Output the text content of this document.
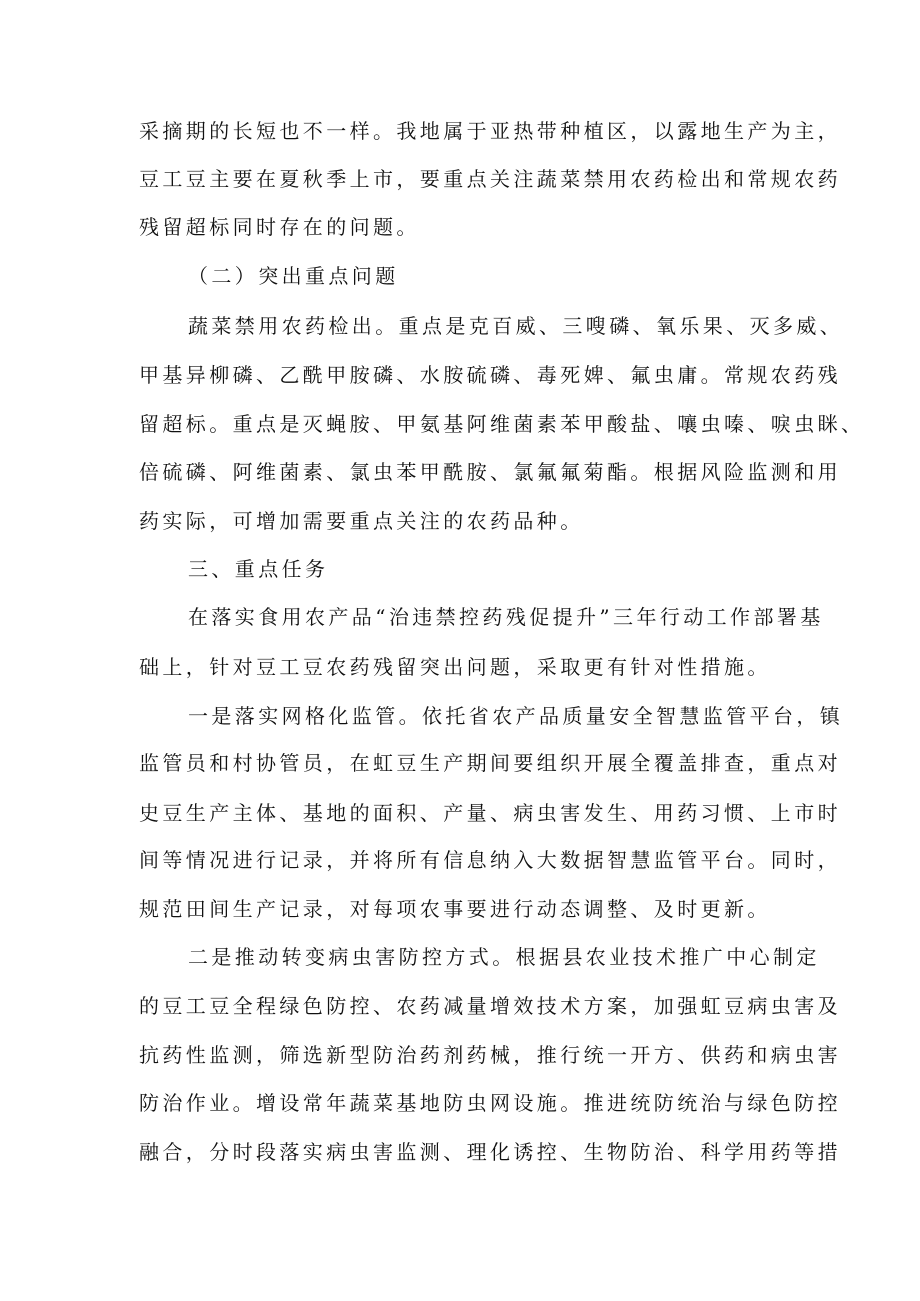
采摘期的长短也不一样。我地属于亚热带种植区，以露地生产为主，
豆工豆主要在夏秋季上市，要重点关注蔬菜禁用农药检出和常规农药
残留超标同时存在的问题。
（二）突出重点问题
蔬菜禁用农药检出。重点是克百威、三嗖磷、氧乐果、灭多威、
甲基异柳磷、乙酰甲胺磷、水胺硫磷、毒死婢、氟虫庸。常规农药残
留超标。重点是灭蝇胺、甲氨基阿维菌素苯甲酸盐、嚷虫嗪、唳虫眯、
倍硫磷、阿维菌素、氯虫苯甲酰胺、氯氟氟菊酯。根据风险监测和用
药实际，可增加需要重点关注的农药品种。
三、重点任务
在落实食用农产品“治违禁控药残促提升”三年行动工作部署基
础上，针对豆工豆农药残留突出问题，采取更有针对性措施。
一是落实网格化监管。依托省农产品质量安全智慧监管平台，镇
监管员和村协管员，在虹豆生产期间要组织开展全覆盖排查，重点对
史豆生产主体、基地的面积、产量、病虫害发生、用药习惯、上市时
间等情况进行记录，并将所有信息纳入大数据智慧监管平台。同时，
规范田间生产记录，对每项农事要进行动态调整、及时更新。
二是推动转变病虫害防控方式。根据县农业技术推广中心制定
的豆工豆全程绿色防控、农药减量增效技术方案，加强虹豆病虫害及
抗药性监测，筛选新型防治药剂药械，推行统一开方、供药和病虫害
防治作业。增设常年蔬菜基地防虫网设施。推进统防统治与绿色防控
融合，分时段落实病虫害监测、理化诱控、生物防治、科学用药等措
